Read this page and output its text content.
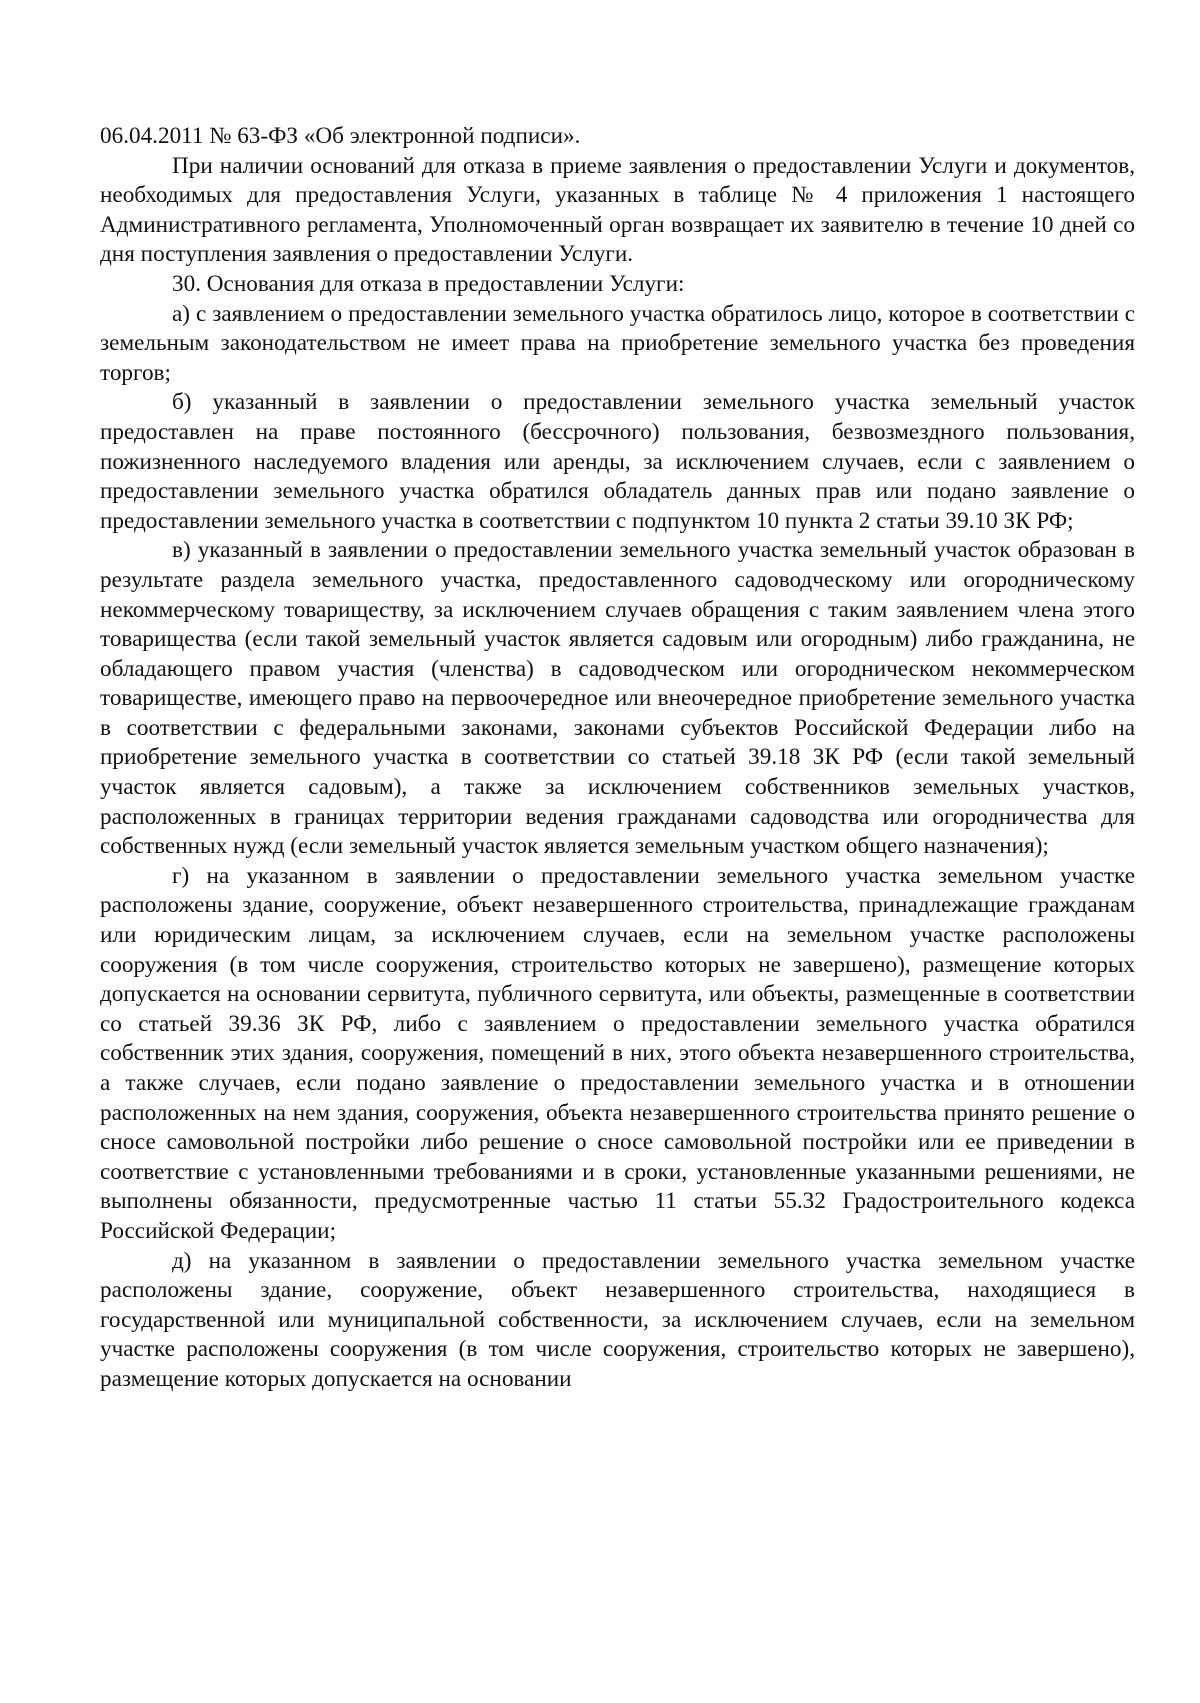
06.04.2011 № 63-ФЗ «Об электронной подписи».

При наличии оснований для отказа в приеме заявления о предоставлении Услуги и документов, необходимых для предоставления Услуги, указанных в таблице № 4 приложения 1 настоящего Административного регламента, Уполномоченный орган возвращает их заявителю в течение 10 дней со дня поступления заявления о предоставлении Услуги.

30. Основания для отказа в предоставлении Услуги:

а) с заявлением о предоставлении земельного участка обратилось лицо, которое в соответствии с земельным законодательством не имеет права на приобретение земельного участка без проведения торгов;

б) указанный в заявлении о предоставлении земельного участка земельный участок предоставлен на праве постоянного (бессрочного) пользования, безвозмездного пользования, пожизненного наследуемого владения или аренды, за исключением случаев, если с заявлением о предоставлении земельного участка обратился обладатель данных прав или подано заявление о предоставлении земельного участка в соответствии с подпунктом 10 пункта 2 статьи 39.10 ЗК РФ;

в) указанный в заявлении о предоставлении земельного участка земельный участок образован в результате раздела земельного участка, предоставленного садоводческому или огородническому некоммерческому товариществу, за исключением случаев обращения с таким заявлением члена этого товарищества (если такой земельный участок является садовым или огородным) либо гражданина, не обладающего правом участия (членства) в садоводческом или огородническом некоммерческом товариществе, имеющего право на первоочередное или внеочередное приобретение земельного участка в соответствии с федеральными законами, законами субъектов Российской Федерации либо на приобретение земельного участка в соответствии со статьей 39.18 ЗК РФ (если такой земельный участок является садовым), а также за исключением собственников земельных участков, расположенных в границах территории ведения гражданами садоводства или огородничества для собственных нужд (если земельный участок является земельным участком общего назначения);

г) на указанном в заявлении о предоставлении земельного участка земельном участке расположены здание, сооружение, объект незавершенного строительства, принадлежащие гражданам или юридическим лицам, за исключением случаев, если на земельном участке расположены сооружения (в том числе сооружения, строительство которых не завершено), размещение которых допускается на основании сервитута, публичного сервитута, или объекты, размещенные в соответствии со статьей 39.36 ЗК РФ, либо с заявлением о предоставлении земельного участка обратился собственник этих здания, сооружения, помещений в них, этого объекта незавершенного строительства, а также случаев, если подано заявление о предоставлении земельного участка и в отношении расположенных на нем здания, сооружения, объекта незавершенного строительства принято решение о сносе самовольной постройки либо решение о сносе самовольной постройки или ее приведении в соответствие с установленными требованиями и в сроки, установленные указанными решениями, не выполнены обязанности, предусмотренные частью 11 статьи 55.32 Градостроительного кодекса Российской Федерации;

д) на указанном в заявлении о предоставлении земельного участка земельном участке расположены здание, сооружение, объект незавершенного строительства, находящиеся в государственной или муниципальной собственности, за исключением случаев, если на земельном участке расположены сооружения (в том числе сооружения, строительство которых не завершено), размещение которых допускается на основании
